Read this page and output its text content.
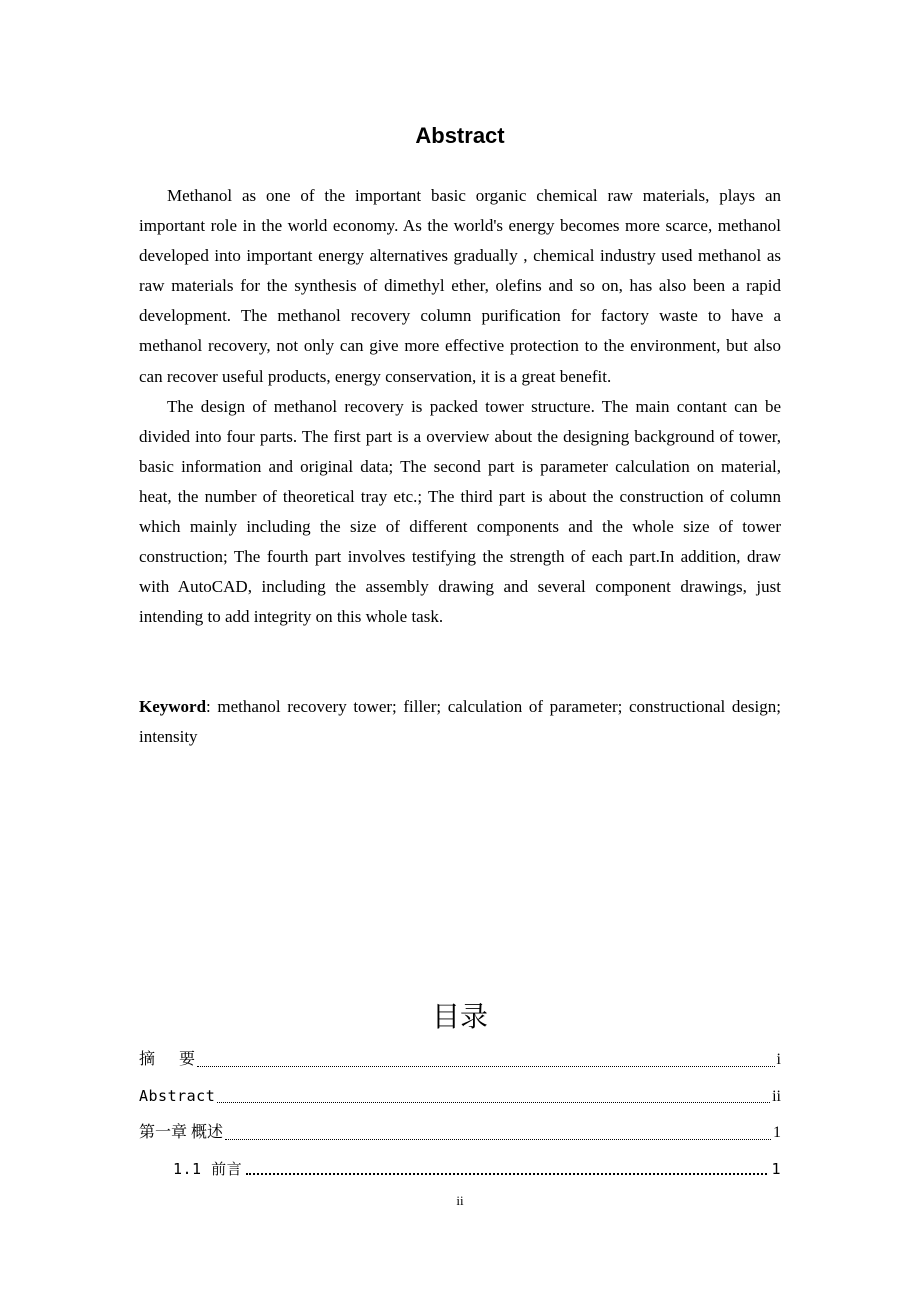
Abstract

Methanol as one of the important basic organic chemical raw materials, plays an important role in the world economy. As the world's energy becomes more scarce, methanol developed into important energy alternatives gradually , chemical industry used methanol as raw materials for the synthesis of dimethyl ether, olefins and so on, has also been a rapid development. The methanol recovery column purification for factory waste to have a methanol recovery, not only can give more effective protection to the environment, but also can recover useful products, energy conservation, it is a great benefit.

The design of methanol recovery is packed tower structure. The main contant can be divided into four parts. The first part is a overview about the designing background of tower, basic information and original data; The second part is parameter calculation on material, heat, the number of theoretical tray etc.; The third part is about the construction of column which mainly including the size of different components and the whole size of tower construction; The fourth part involves testifying the strength of each part.In addition, draw with AutoCAD, including the assembly drawing and several component drawings, just intending to add integrity on this whole task.

Keyword: methanol recovery tower; filler; calculation of parameter; constructional design; intensity
目录
摘      要	i
Abstract	ii
第一章 概述	1
1.1 前言	1
ii
